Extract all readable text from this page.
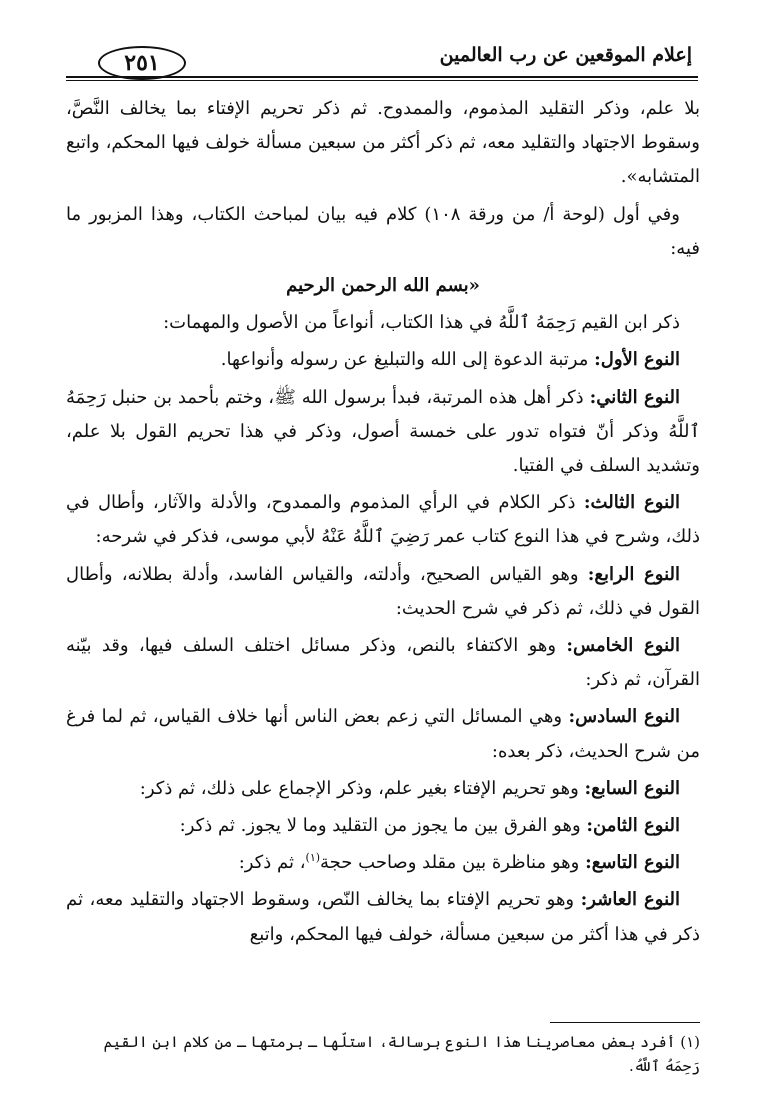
إعلام الموقعين عن رب العالمين
٢٥١

بلا علم، وذكر التقليد المذموم، والممدوح. ثم ذكر تحريم الإفتاء بما يخالف النَّصَّ، وسقوط الاجتهاد والتقليد معه، ثم ذكر أكثر من سبعين مسألة خولف فيها المحكم، واتبع المتشابه».

وفي أول (لوحة أ/ من ورقة ١٠٨) كلام فيه بيان لمباحث الكتاب، وهذا المزبور ما فيه:

«بسم الله الرحمن الرحيم

ذكر ابن القيم رَحِمَهُ ٱللَّهُ في هذا الكتاب، أنواعاً من الأصول والمهمات:

النوع الأول: مرتبة الدعوة إلى الله والتبليغ عن رسوله وأنواعها.

النوع الثاني: ذكر أهل هذه المرتبة، فبدأ برسول الله ﷺ، وختم بأحمد بن حنبل رَحِمَهُ ٱللَّهُ وذكر أنّ فتواه تدور على خمسة أصول، وذكر في هذا تحريم القول بلا علم، وتشديد السلف في الفتيا.

النوع الثالث: ذكر الكلام في الرأي المذموم والممدوح، والأدلة والآثار، وأطال في ذلك، وشرح في هذا النوع كتاب عمر رَضِيَ ٱللَّهُ عَنْهُ لأبي موسى، فذكر في شرحه:

النوع الرابع: وهو القياس الصحيح، وأدلته، والقياس الفاسد، وأدلة بطلانه، وأطال القول في ذلك، ثم ذكر في شرح الحديث:

النوع الخامس: وهو الاكتفاء بالنص، وذكر مسائل اختلف السلف فيها، وقد بيّنه القرآن، ثم ذكر:

النوع السادس: وهي المسائل التي زعم بعض الناس أنها خلاف القياس، ثم لما فرغ من شرح الحديث، ذكر بعده:

النوع السابع: وهو تحريم الإفتاء بغير علم، وذكر الإجماع على ذلك، ثم ذكر:

النوع الثامن: وهو الفرق بين ما يجوز من التقليد وما لا يجوز. ثم ذكر:

النوع التاسع: وهو مناظرة بين مقلد وصاحب حجة$^{(١)}$، ثم ذكر:

النوع العاشر: وهو تحريم الإفتاء بما يخالف النّص، وسقوط الاجتهاد والتقليد معه، ثم ذكر في هذا أكثر من سبعين مسألة، خولف فيها المحكم، واتبع

(١) أفرد بعض معاصرينا هذا النوع برسالة، استلّها ـ برمتها ـ من كلام ابن القيم رَحِمَهُ ٱللَّهُ.
